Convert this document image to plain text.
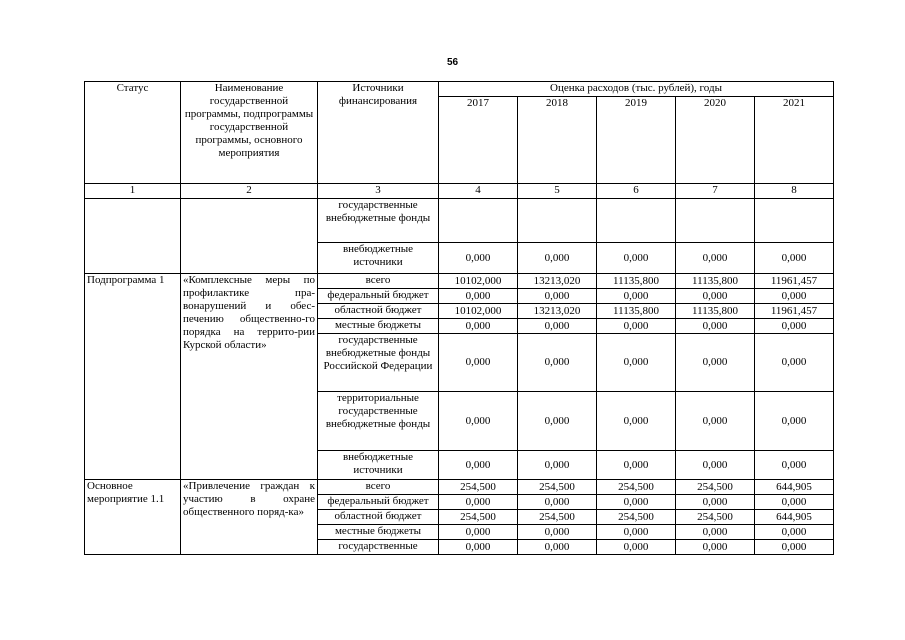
56
Статус	Наименование государственной программы, подпрограммы государственной программы, основного мероприятия	Источники финансирования	Оценка расходов (тыс. рублей), годы				
			2017	2018	2019	2020	2021
1	2	3	4	5	6	7	8
		государственные внебюджетные фонды					
		внебюджетные источники	0,000	0,000	0,000	0,000	0,000
Подпрограмма 1	«Комплексные меры по профилактике пра-вонарушений и обес-печению общественно-го порядка на террито-рии Курской области»	всего	10102,000	13213,020	11135,800	11135,800	11961,457
		федеральный бюджет	0,000	0,000	0,000	0,000	0,000
		областной бюджет	10102,000	13213,020	11135,800	11135,800	11961,457
		местные бюджеты	0,000	0,000	0,000	0,000	0,000
		государственные внебюджетные фонды Российской Федерации	0,000	0,000	0,000	0,000	0,000
		территориальные государственные внебюджетные фонды	0,000	0,000	0,000	0,000	0,000
		внебюджетные источники	0,000	0,000	0,000	0,000	0,000
Основное мероприятие 1.1	«Привлечение граждан к участию в охране общественного поряд-ка»	всего	254,500	254,500	254,500	254,500	644,905
		федеральный бюджет	0,000	0,000	0,000	0,000	0,000
		областной бюджет	254,500	254,500	254,500	254,500	644,905
		местные бюджеты	0,000	0,000	0,000	0,000	0,000
		государственные	0,000	0,000	0,000	0,000	0,000
